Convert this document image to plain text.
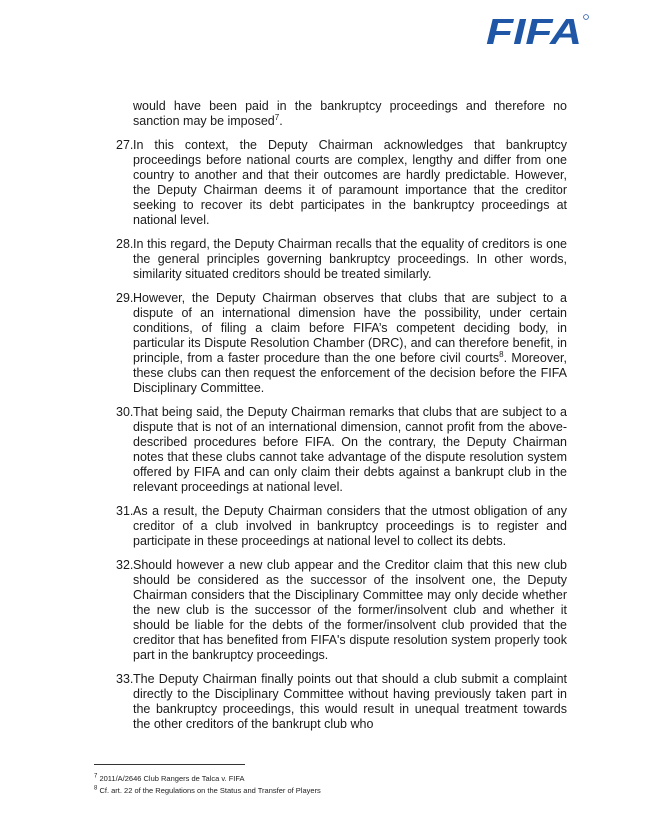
FIFA

would have been paid in the bankruptcy proceedings and therefore no sanction may be imposed$^7$.

27. In this context, the Deputy Chairman acknowledges that bankruptcy proceedings before national courts are complex, lengthy and differ from one country to another and that their outcomes are hardly predictable. However, the Deputy Chairman deems it of paramount importance that the creditor seeking to recover its debt participates in the bankruptcy proceedings at national level.

28. In this regard, the Deputy Chairman recalls that the equality of creditors is one the general principles governing bankruptcy proceedings. In other words, similarity situated creditors should be treated similarly.

29. However, the Deputy Chairman observes that clubs that are subject to a dispute of an international dimension have the possibility, under certain conditions, of filing a claim before FIFA’s competent deciding body, in particular its Dispute Resolution Chamber (DRC), and can therefore benefit, in principle, from a faster procedure than the one before civil courts$^8$. Moreover, these clubs can then request the enforcement of the decision before the FIFA Disciplinary Committee.

30. That being said, the Deputy Chairman remarks that clubs that are subject to a dispute that is not of an international dimension, cannot profit from the above-described procedures before FIFA. On the contrary, the Deputy Chairman notes that these clubs cannot take advantage of the dispute resolution system offered by FIFA and can only claim their debts against a bankrupt club in the relevant proceedings at national level.

31. As a result, the Deputy Chairman considers that the utmost obligation of any creditor of a club involved in bankruptcy proceedings is to register and participate in these proceedings at national level to collect its debts.

32. Should however a new club appear and the Creditor claim that this new club should be considered as the successor of the insolvent one, the Deputy Chairman considers that the Disciplinary Committee may only decide whether the new club is the successor of the former/insolvent club and whether it should be liable for the debts of the former/insolvent club provided that the creditor that has benefited from FIFA's dispute resolution system properly took part in the bankruptcy proceedings.

33. The Deputy Chairman finally points out that should a club submit a complaint directly to the Disciplinary Committee without having previously taken part in the bankruptcy proceedings, this would result in unequal treatment towards the other creditors of the bankrupt club who

$^7$ 2011/A/2646 Club Rangers de Talca v. FIFA
$^8$ Cf. art. 22 of the Regulations on the Status and Transfer of Players
